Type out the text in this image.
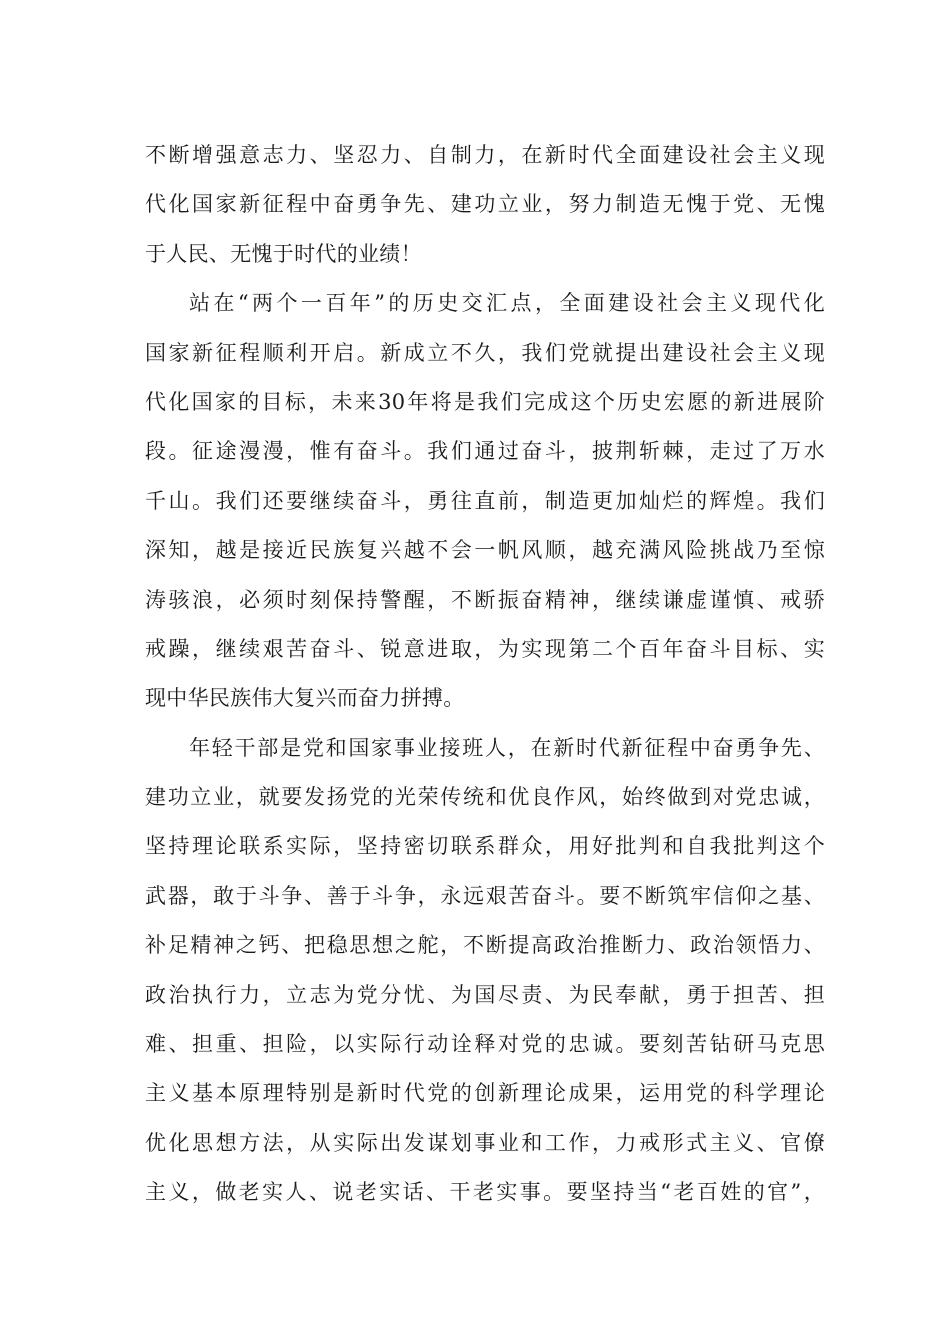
不断增强意志力、坚忍力、自制力，在新时代全面建设社会主义现
代化国家新征程中奋勇争先、建功立业，努力制造无愧于党、无愧
于人民、无愧于时代的业绩！
站在“两个一百年”的历史交汇点，全面建设社会主义现代化
国家新征程顺利开启。新成立不久，我们党就提出建设社会主义现
代化国家的目标，未来30年将是我们完成这个历史宏愿的新进展阶
段。征途漫漫，惟有奋斗。我们通过奋斗，披荆斩棘，走过了万水
千山。我们还要继续奋斗，勇往直前，制造更加灿烂的辉煌。我们
深知，越是接近民族复兴越不会一帆风顺，越充满风险挑战乃至惊
涛骇浪，必须时刻保持警醒，不断振奋精神，继续谦虚谨慎、戒骄
戒躁，继续艰苦奋斗、锐意进取，为实现第二个百年奋斗目标、实
现中华民族伟大复兴而奋力拼搏。
年轻干部是党和国家事业接班人，在新时代新征程中奋勇争先、
建功立业，就要发扬党的光荣传统和优良作风，始终做到对党忠诚，
坚持理论联系实际，坚持密切联系群众，用好批判和自我批判这个
武器，敢于斗争、善于斗争，永远艰苦奋斗。要不断筑牢信仰之基、
补足精神之钙、把稳思想之舵，不断提高政治推断力、政治领悟力、
政治执行力，立志为党分忧、为国尽责、为民奉献，勇于担苦、担
难、担重、担险，以实际行动诠释对党的忠诚。要刻苦钻研马克思
主义基本原理特别是新时代党的创新理论成果，运用党的科学理论
优化思想方法，从实际出发谋划事业和工作，力戒形式主义、官僚
主义，做老实人、说老实话、干老实事。要坚持当“老百姓的官”，
